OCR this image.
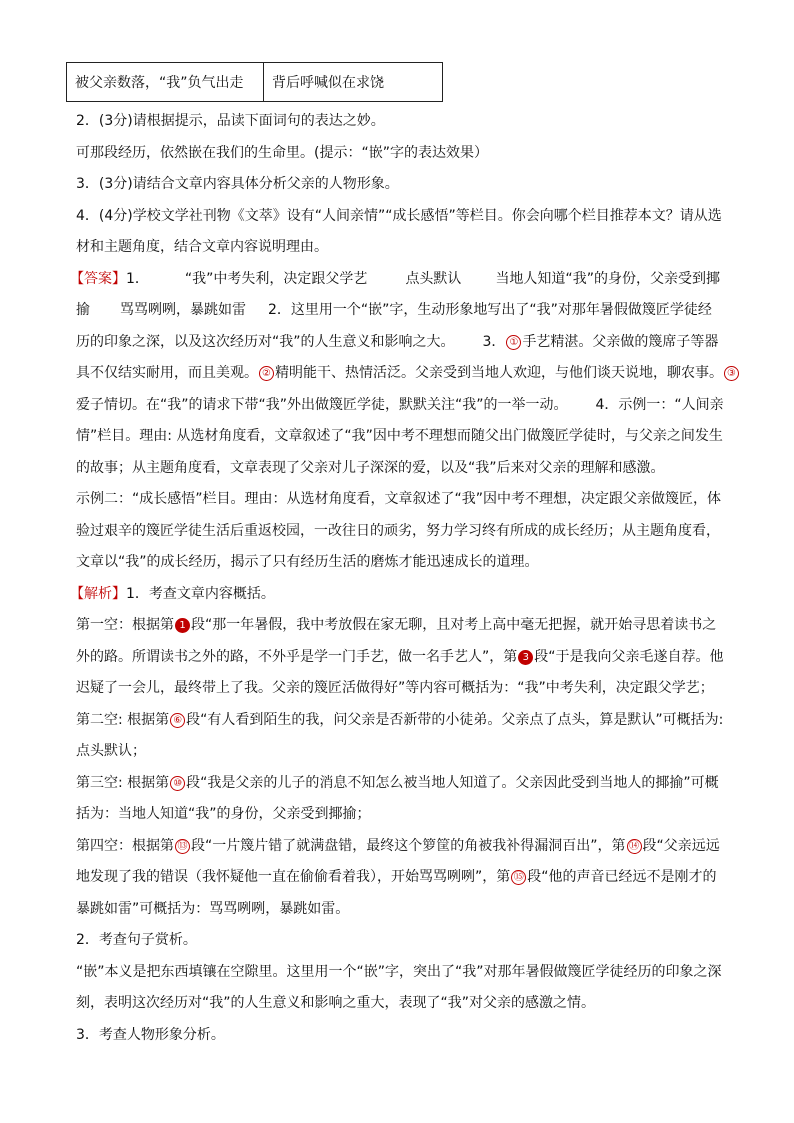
被父亲数落，“我”负气出走	背后呼喊似在求饶
2．(3分)请根据提示，品读下面词句的表达之妙。
可那段经历，依然嵌在我们的生命里。(提示：“嵌”字的表达效果）
3．(3分)请结合文章内容具体分析父亲的人物形象。
4．(4分)学校文学社刊物《文萃》设有“人间亲情”“成长感悟”等栏目。你会向哪个栏目推荐本文？请从选
材和主题角度，结合文章内容说明理由。
【答案】1．	“我”中考失利，决定跟父学艺	点头默认 当地人知道“我”的身份，父亲受到揶
揄 骂骂咧咧，暴跳如雷 2．这里用一个“嵌”字，生动形象地写出了“我”对那年暑假做篾匠学徒经
历的印象之深，以及这次经历对“我”的人生意义和影响之大。 3． ① 手艺精湛。父亲做的篾席子等器
具不仅结实耐用，而且美观。 ② 精明能干、热情活泛。父亲受到当地人欢迎，与他们谈天说地，聊农事。 ③
爱子情切。在“我”的请求下带“我”外出做篾匠学徒，默默关注“我”的一举一动。 4．示例一：“人间亲
情”栏目。理由: 从选材角度看，文章叙述了“我”因中考不理想而随父出门做篾匠学徒时，与父亲之间发生
的故事；从主题角度看，文章表现了父亲对儿子深深的爱，以及“我”后来对父亲的理解和感激。
示例二：“成长感悟”栏目。理由：从选材角度看，文章叙述了“我”因中考不理想，决定跟父亲做篾匠，体
验过艰辛的篾匠学徒生活后重返校园，一改往日的顽劣，努力学习终有所成的成长经历；从主题角度看，
文章以“我”的成长经历，揭示了只有经历生活的磨炼才能迅速成长的道理。
【解析】1．考查文章内容概括。
第一空：根据第 1 段“那一年暑假，我中考放假在家无聊，且对考上高中毫无把握，就开始寻思着读书之
外的路。所谓读书之外的路，不外乎是学一门手艺，做一名手艺人”，第 3 段“于是我向父亲毛遂自荐。他
迟疑了一会儿，最终带上了我。父亲的篾匠活做得好”等内容可概括为：“我”中考失利，决定跟父学艺；
第二空: 根据第 ⑥ 段“有人看到陌生的我，问父亲是否新带的小徒弟。父亲点了点头，算是默认”可概括为:
点头默认；
第三空: 根据第 ⑩ 段“我是父亲的儿子的消息不知怎么被当地人知道了。父亲因此受到当地人的揶揄”可概
括为：当地人知道“我”的身份，父亲受到揶揄；
第四空：根据第 ⑬ 段“一片篾片错了就满盘错，最终这个箩筐的角被我补得漏洞百出”，第 ⑭ 段“父亲远远
地发现了我的错误（我怀疑他一直在偷偷看着我），开始骂骂咧咧”，第 ⑮ 段“他的声音已经远不是刚才的
暴跳如雷”可概括为：骂骂咧咧，暴跳如雷。
2．考查句子赏析。
“嵌”本义是把东西填镶在空隙里。这里用一个“嵌”字，突出了“我”对那年暑假做篾匠学徒经历的印象之深
刻，表明这次经历对“我”的人生意义和影响之重大，表现了“我”对父亲的感激之情。
3．考查人物形象分析。
